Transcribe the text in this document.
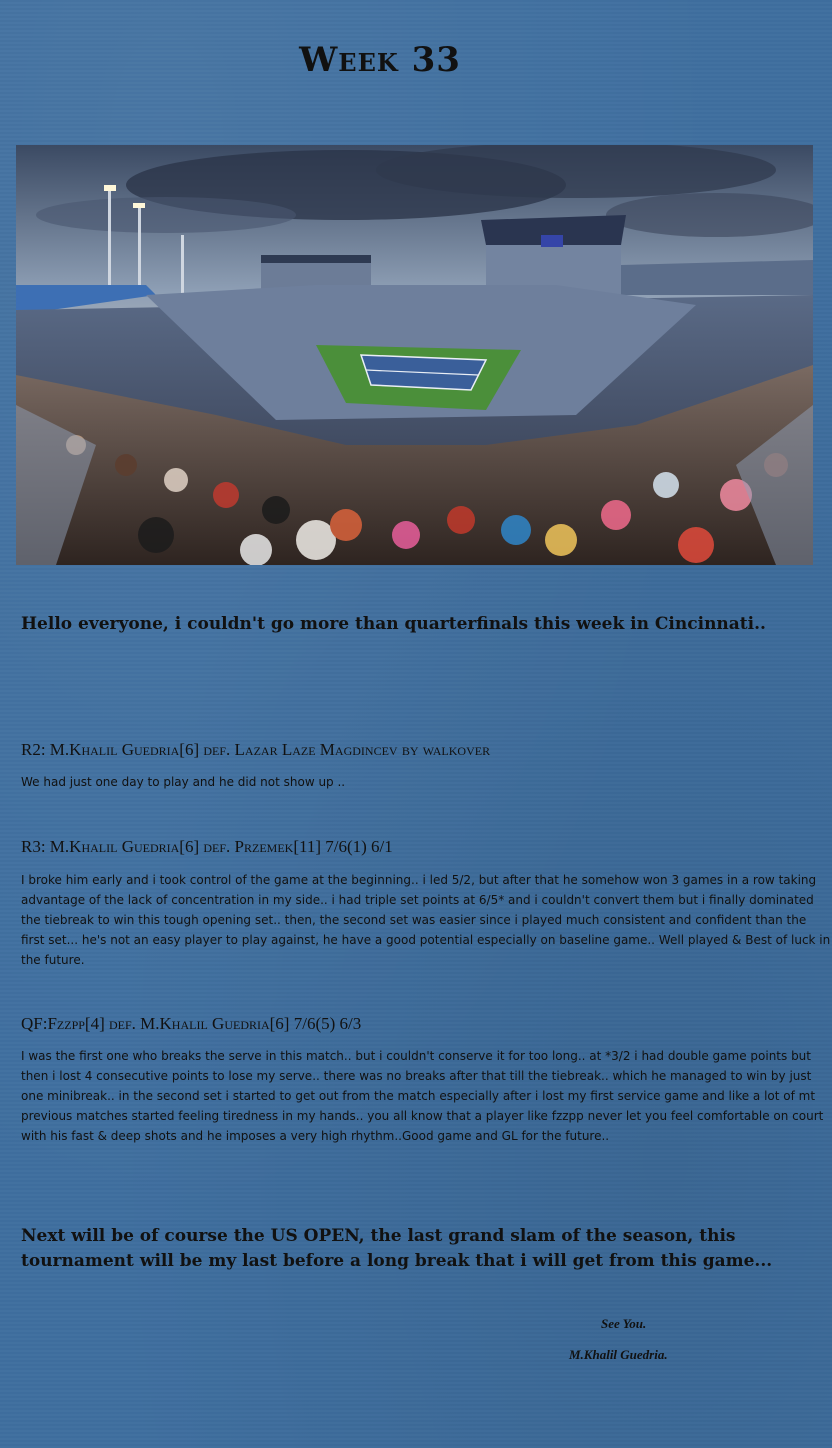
Week 33
Hello everyone, i couldn't go more than quarterfinals this week in Cincinnati..
R2: M.Khalil Guedria[6] def. Lazar Laze Magdincev by walkover
We had just one day to play and he did not show up ..
R3: M.Khalil Guedria[6] def. Przemek[11] 7/6(1) 6/1
I broke him early and i took control of the game at the beginning.. i led 5/2, but after that he somehow won 3 games in a row taking advantage of the lack of concentration in my side.. i had triple set points at 6/5* and i couldn't convert them but i finally dominated the tiebreak to win this tough opening set.. then, the second set was easier since i played much consistent and confident than the first set... he's not an easy player to play against, he have a good potential especially on baseline game.. Well played & Best of luck in the future.
QF:Fzzpp[4] def. M.Khalil Guedria[6] 7/6(5) 6/3
I was the first one who breaks the serve in this match.. but i couldn't conserve it for too long.. at *3/2 i had double game points but then i lost 4 consecutive points to lose my serve.. there was no breaks after that till the tiebreak.. which he managed to win by just one minibreak.. in the second set i started to get out from the match especially after i lost my first service game and like a lot of mt previous matches started feeling tiredness in my hands.. you all know that a player like fzzpp never let you feel comfortable on court with his fast & deep shots and he imposes a very high rhythm..Good game and GL for the future..
Next will be of course the US OPEN, the last grand slam of the season, this tournament will be my last before a long break that i will get from this game...
See You.
M.Khalil Guedria.
